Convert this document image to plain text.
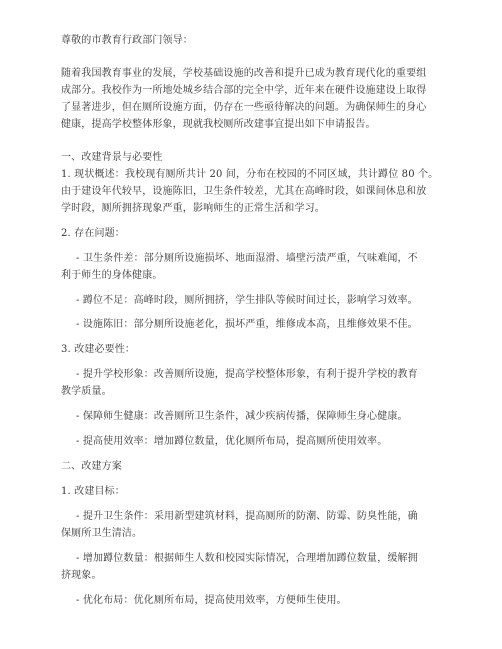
尊敬的市教育行政部门领导：
随着我国教育事业的发展，学校基础设施的改善和提升已成为教育现代化的重要组
成部分。我校作为一所地处城乡结合部的完全中学，近年来在硬件设施建设上取得
了显著进步，但在厕所设施方面，仍存在一些亟待解决的问题。为确保师生的身心
健康，提高学校整体形象，现就我校厕所改建事宜提出如下申请报告。
一、改建背景与必要性
1. 现状概述：我校现有厕所共计 20 间，分布在校园的不同区域，共计蹲位 80 个。
由于建设年代较早，设施陈旧，卫生条件较差，尤其在高峰时段，如课间休息和放
学时段，厕所拥挤现象严重，影响师生的正常生活和学习。
2. 存在问题：
- 卫生条件差：部分厕所设施损坏、地面湿滑、墙壁污渍严重，气味难闻，不
利于师生的身体健康。
- 蹲位不足：高峰时段，厕所拥挤，学生排队等候时间过长，影响学习效率。
- 设施陈旧：部分厕所设施老化，损坏严重，维修成本高，且维修效果不佳。
3. 改建必要性：
- 提升学校形象：改善厕所设施，提高学校整体形象，有利于提升学校的教育
教学质量。
- 保障师生健康：改善厕所卫生条件，减少疾病传播，保障师生身心健康。
- 提高使用效率：增加蹲位数量，优化厕所布局，提高厕所使用效率。
二、改建方案
1. 改建目标：
- 提升卫生条件：采用新型建筑材料，提高厕所的防潮、防霉、防臭性能，确
保厕所卫生清洁。
- 增加蹲位数量：根据师生人数和校园实际情况，合理增加蹲位数量，缓解拥
挤现象。
- 优化布局：优化厕所布局，提高使用效率，方便师生使用。
